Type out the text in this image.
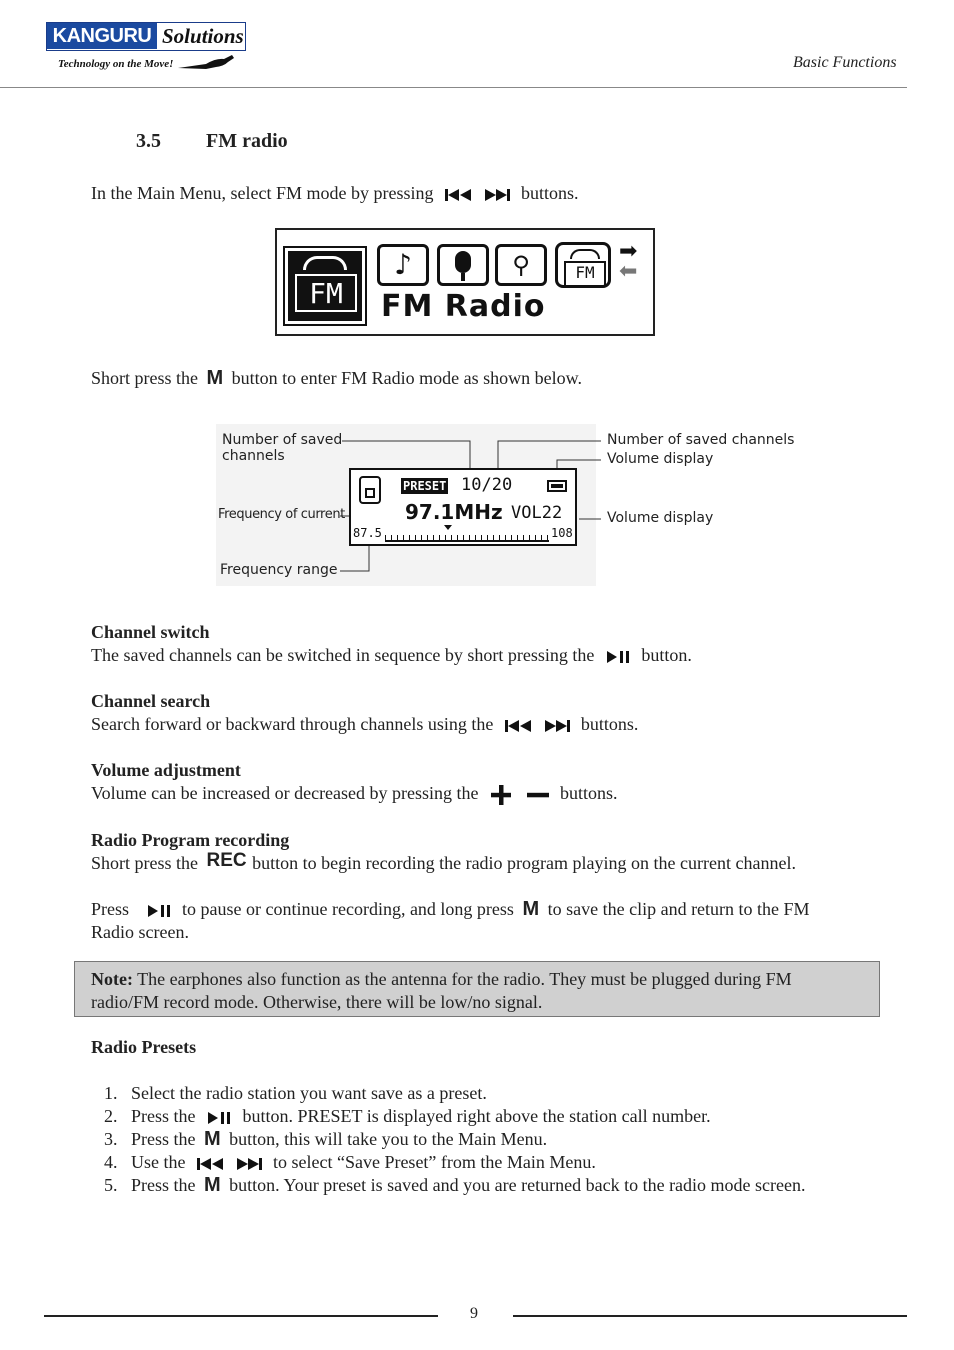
KANGURU Solutions
Technology on the Move!	Basic Functions
3.5 FM radio
In the Main Menu, select FM mode by pressing	buttons.
FM
♪	⚲	FM
➡
⬅
FM Radio
Short press the M button to enter FM Radio mode as shown below.
PRESET 10/20
97.1MHz VOL22
87.5	108
Number of saved
channels
Number of saved channels
Volume display
Frequency of current	Volume display
Frequency range
Channel switch
The saved channels can be switched in sequence by short pressing the	button.
Channel search
Search forward or backward through channels using the	buttons.
Volume adjustment
Volume can be increased or decreased by pressing the	buttons.
Radio Program recording
Short press the REC button to begin recording the radio program playing on the current channel.
Press	to pause or continue recording, and long press M to save the clip and return to the FM
Radio screen.
Note: The earphones also function as the antenna for the radio. They must be plugged during FM
radio/FM record mode. Otherwise, there will be low/no signal.
Radio Presets
1. Select the radio station you want save as a preset.
2. Press the	button. PRESET is displayed right above the station call number.
3. Press the M button, this will take you to the Main Menu.
4. Use the	to select “Save Preset” from the Main Menu.
5. Press the M button. Your preset is saved and you are returned back to the radio mode screen.
9
